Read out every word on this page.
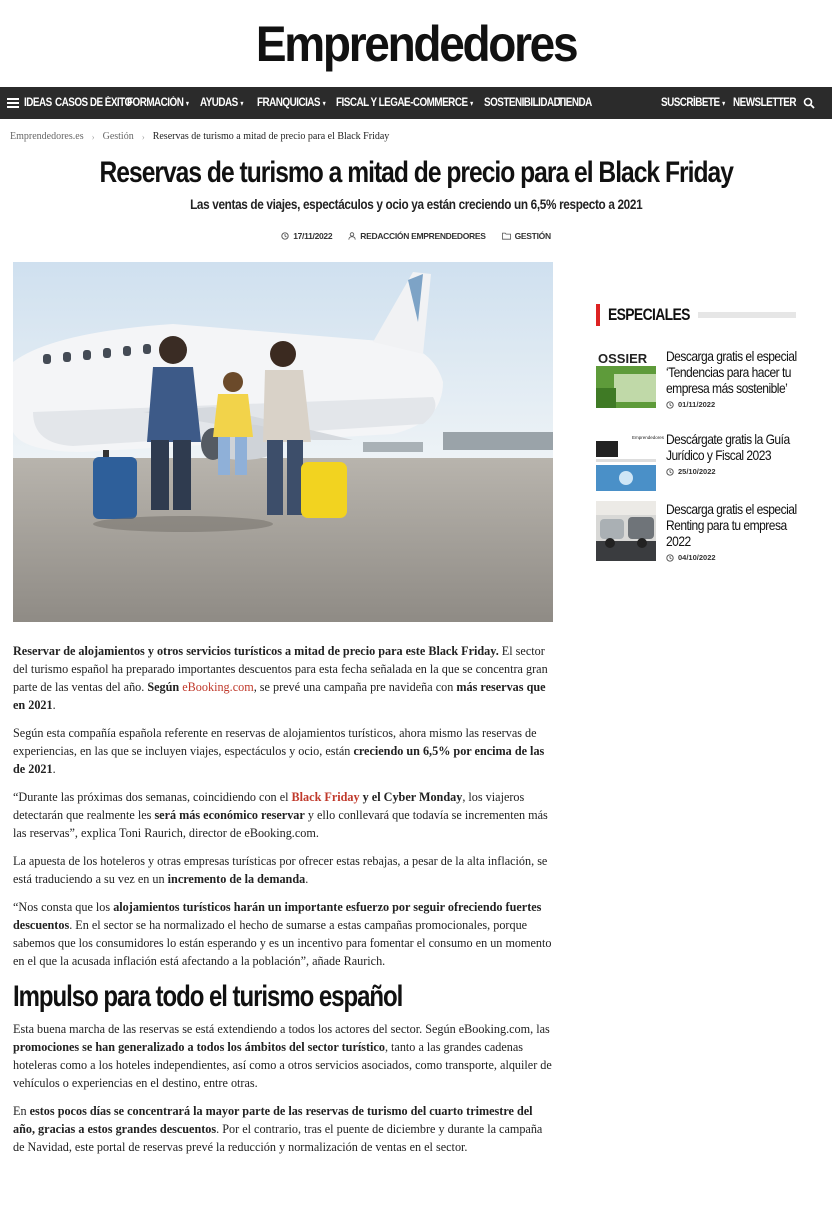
Emprendedores
IDEAS CASOS DE ÉXITO
FORMACIÓN ▾ AYUDAS ▾ FRANQUICIAS ▾ FISCAL Y LEGAL
E-COMMERCE ▾ SOSTENIBILIDAD
TIENDA	SUSCRÍBETE ▾ NEWSLETTER
Emprendedores.es › Gestión › Reservas de turismo a mitad de precio para el Black Friday
Reservas de turismo a mitad de precio para el Black Friday
Las ventas de viajes, espectáculos y ocio ya están creciendo un 6,5% respecto a 2021
17/11/2022	REDACCIÓN EMPRENDEDORES	GESTIÓN

Reservar de alojamientos y otros servicios turísticos a mitad de precio para este Black Friday. El sector del turismo español ha preparado importantes descuentos para esta fecha señalada en la que se concentra gran parte de las ventas del año. Según eBooking.com, se prevé una campaña pre navideña con más reservas que en 2021.

Según esta compañía española referente en reservas de alojamientos turísticos, ahora mismo las reservas de experiencias, en las que se incluyen viajes, espectáculos y ocio, están creciendo un 6,5% por encima de las de 2021.

“Durante las próximas dos semanas, coincidiendo con el Black Friday y el Cyber Monday, los viajeros detectarán que realmente les será más económico reservar y ello conllevará que todavía se incrementen más las reservas”, explica Toni Raurich, director de eBooking.com.

La apuesta de los hoteleros y otras empresas turísticas por ofrecer estas rebajas, a pesar de la alta inflación, se está traduciendo a su vez en un incremento de la demanda.

“Nos consta que los alojamientos turísticos harán un importante esfuerzo por seguir ofreciendo fuertes descuentos. En el sector se ha normalizado el hecho de sumarse a estas campañas promocionales, porque sabemos que los consumidores lo están esperando y es un incentivo para fomentar el consumo en un momento en el que la acusada inflación está afectando a la población”, añade Raurich.

Impulso para todo el turismo español

Esta buena marcha de las reservas se está extendiendo a todos los actores del sector. Según eBooking.com, las promociones se han generalizado a todos los ámbitos del sector turístico, tanto a las grandes cadenas hoteleras como a los hoteles independientes, así como a otros servicios asociados, como transporte, alquiler de vehículos o experiencias en el destino, entre otras.

En estos pocos días se concentrará la mayor parte de las reservas de turismo del cuarto trimestre del año, gracias a estos grandes descuentos. Por el contrario, tras el puente de diciembre y durante la campaña de Navidad, este portal de reservas prevé la reducción y normalización de ventas en el sector.

ESPECIALES
OSSIER Descarga gratis el especial ‘Tendencias para hacer tu empresa más sostenible’
01/11/2022
Emprendedores Descárgate gratis la Guía Jurídico y Fiscal 2023
25/10/2022
Descarga gratis el especial Renting para tu empresa 2022
04/10/2022
